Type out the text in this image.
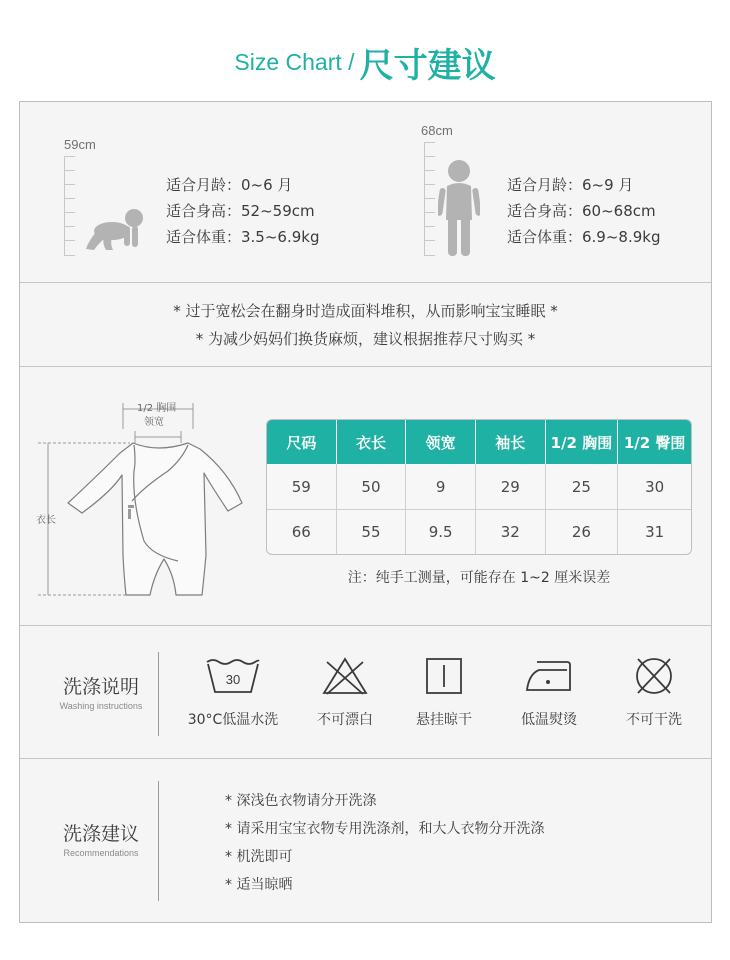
Size Chart / 尺寸建议
59cm
适合月龄：0~6 月
适合身高：52~59cm
适合体重：3.5~6.9kg
68cm
适合月龄：6~9 月
适合身高：60~68cm
适合体重：6.9~8.9kg
* 过于宽松会在翻身时造成面料堆积，从而影响宝宝睡眠 *
* 为减少妈妈们换货麻烦，建议根据推荐尺寸购买 *
1/2 胸围
领宽
衣长
尺码	衣长	领宽	袖长	1/2 胸围	1/2 臀围
59	50	9	29	25	30
66	55	9.5	32	26	31
注：纯手工测量，可能存在 1~2 厘米误差
洗涤说明
Washing instructions
30
30°C低温水洗	不可漂白	悬挂晾干	低温熨烫	不可干洗
洗涤建议
Recommendations
* 深浅色衣物请分开洗涤
* 请采用宝宝衣物专用洗涤剂，和大人衣物分开洗涤
* 机洗即可
* 适当晾晒
